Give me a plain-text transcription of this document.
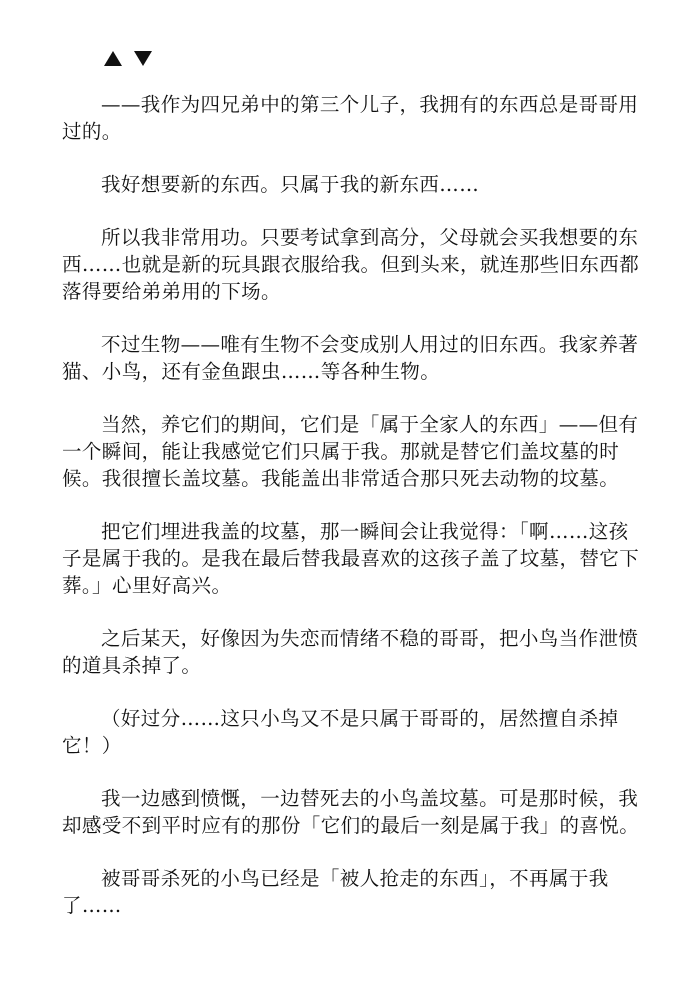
——我作为四兄弟中的第三个儿子，我拥有的东西总是哥哥用过的。

我好想要新的东西。只属于我的新东西……

所以我非常用功。只要考试拿到高分，父母就会买我想要的东西……也就是新的玩具跟衣服给我。但到头来，就连那些旧东西都落得要给弟弟用的下场。

不过生物——唯有生物不会变成别人用过的旧东西。我家养著猫、小鸟，还有金鱼跟虫……等各种生物。

当然，养它们的期间，它们是「属于全家人的东西」——但有一个瞬间，能让我感觉它们只属于我。那就是替它们盖坟墓的时候。我很擅长盖坟墓。我能盖出非常适合那只死去动物的坟墓。

把它们埋进我盖的坟墓，那一瞬间会让我觉得：「啊……这孩子是属于我的。是我在最后替我最喜欢的这孩子盖了坟墓，替它下葬。」心里好高兴。

之后某天，好像因为失恋而情绪不稳的哥哥，把小鸟当作泄愤的道具杀掉了。

（好过分……这只小鸟又不是只属于哥哥的，居然擅自杀掉它！）

我一边感到愤慨，一边替死去的小鸟盖坟墓。可是那时候，我却感受不到平时应有的那份「它们的最后一刻是属于我」的喜悦。

被哥哥杀死的小鸟已经是「被人抢走的东西」，不再属于我了……
